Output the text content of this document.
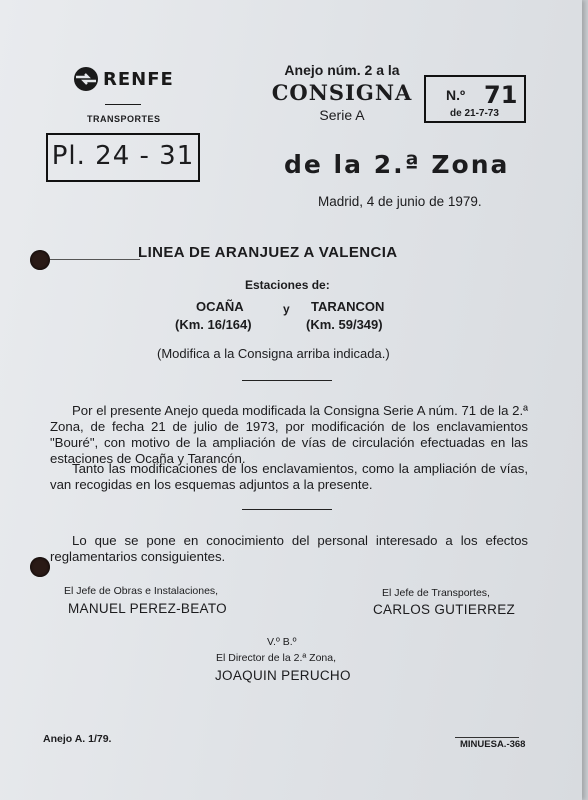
RENFE
TRANSPORTES
Pl. 24 - 31
Anejo núm. 2 a la
CONSIGNA
Serie A
N.º 71
de 21-7-73
de la 2.ª Zona
Madrid, 4 de junio de 1979.
LINEA DE ARANJUEZ A VALENCIA
Estaciones de:
OCAÑA	y TARANCON
(Km. 16/164)	(Km. 59/349)
(Modifica a la Consigna arriba indicada.)
Por el presente Anejo queda modificada la Consigna Serie A núm. 71 de la 2.ª Zona, de fecha 21 de julio de 1973, por modificación de los enclavamientos "Bouré", con motivo de la ampliación de vías de circulación efectuadas en las estaciones de Ocaña y Tarancón.
Tanto las modificaciones de los enclavamientos, como la ampliación de vías, van recogidas en los esquemas adjuntos a la presente.
Lo que se pone en conocimiento del personal interesado a los efectos reglamentarios consiguientes.
El Jefe de Obras e Instalaciones,
MANUEL PEREZ-BEATO
El Jefe de Transportes,
CARLOS GUTIERREZ
V.º B.º
El Director de la 2.ª Zona,
JOAQUIN PERUCHO
Anejo A. 1/79.	MINUESA.-368
